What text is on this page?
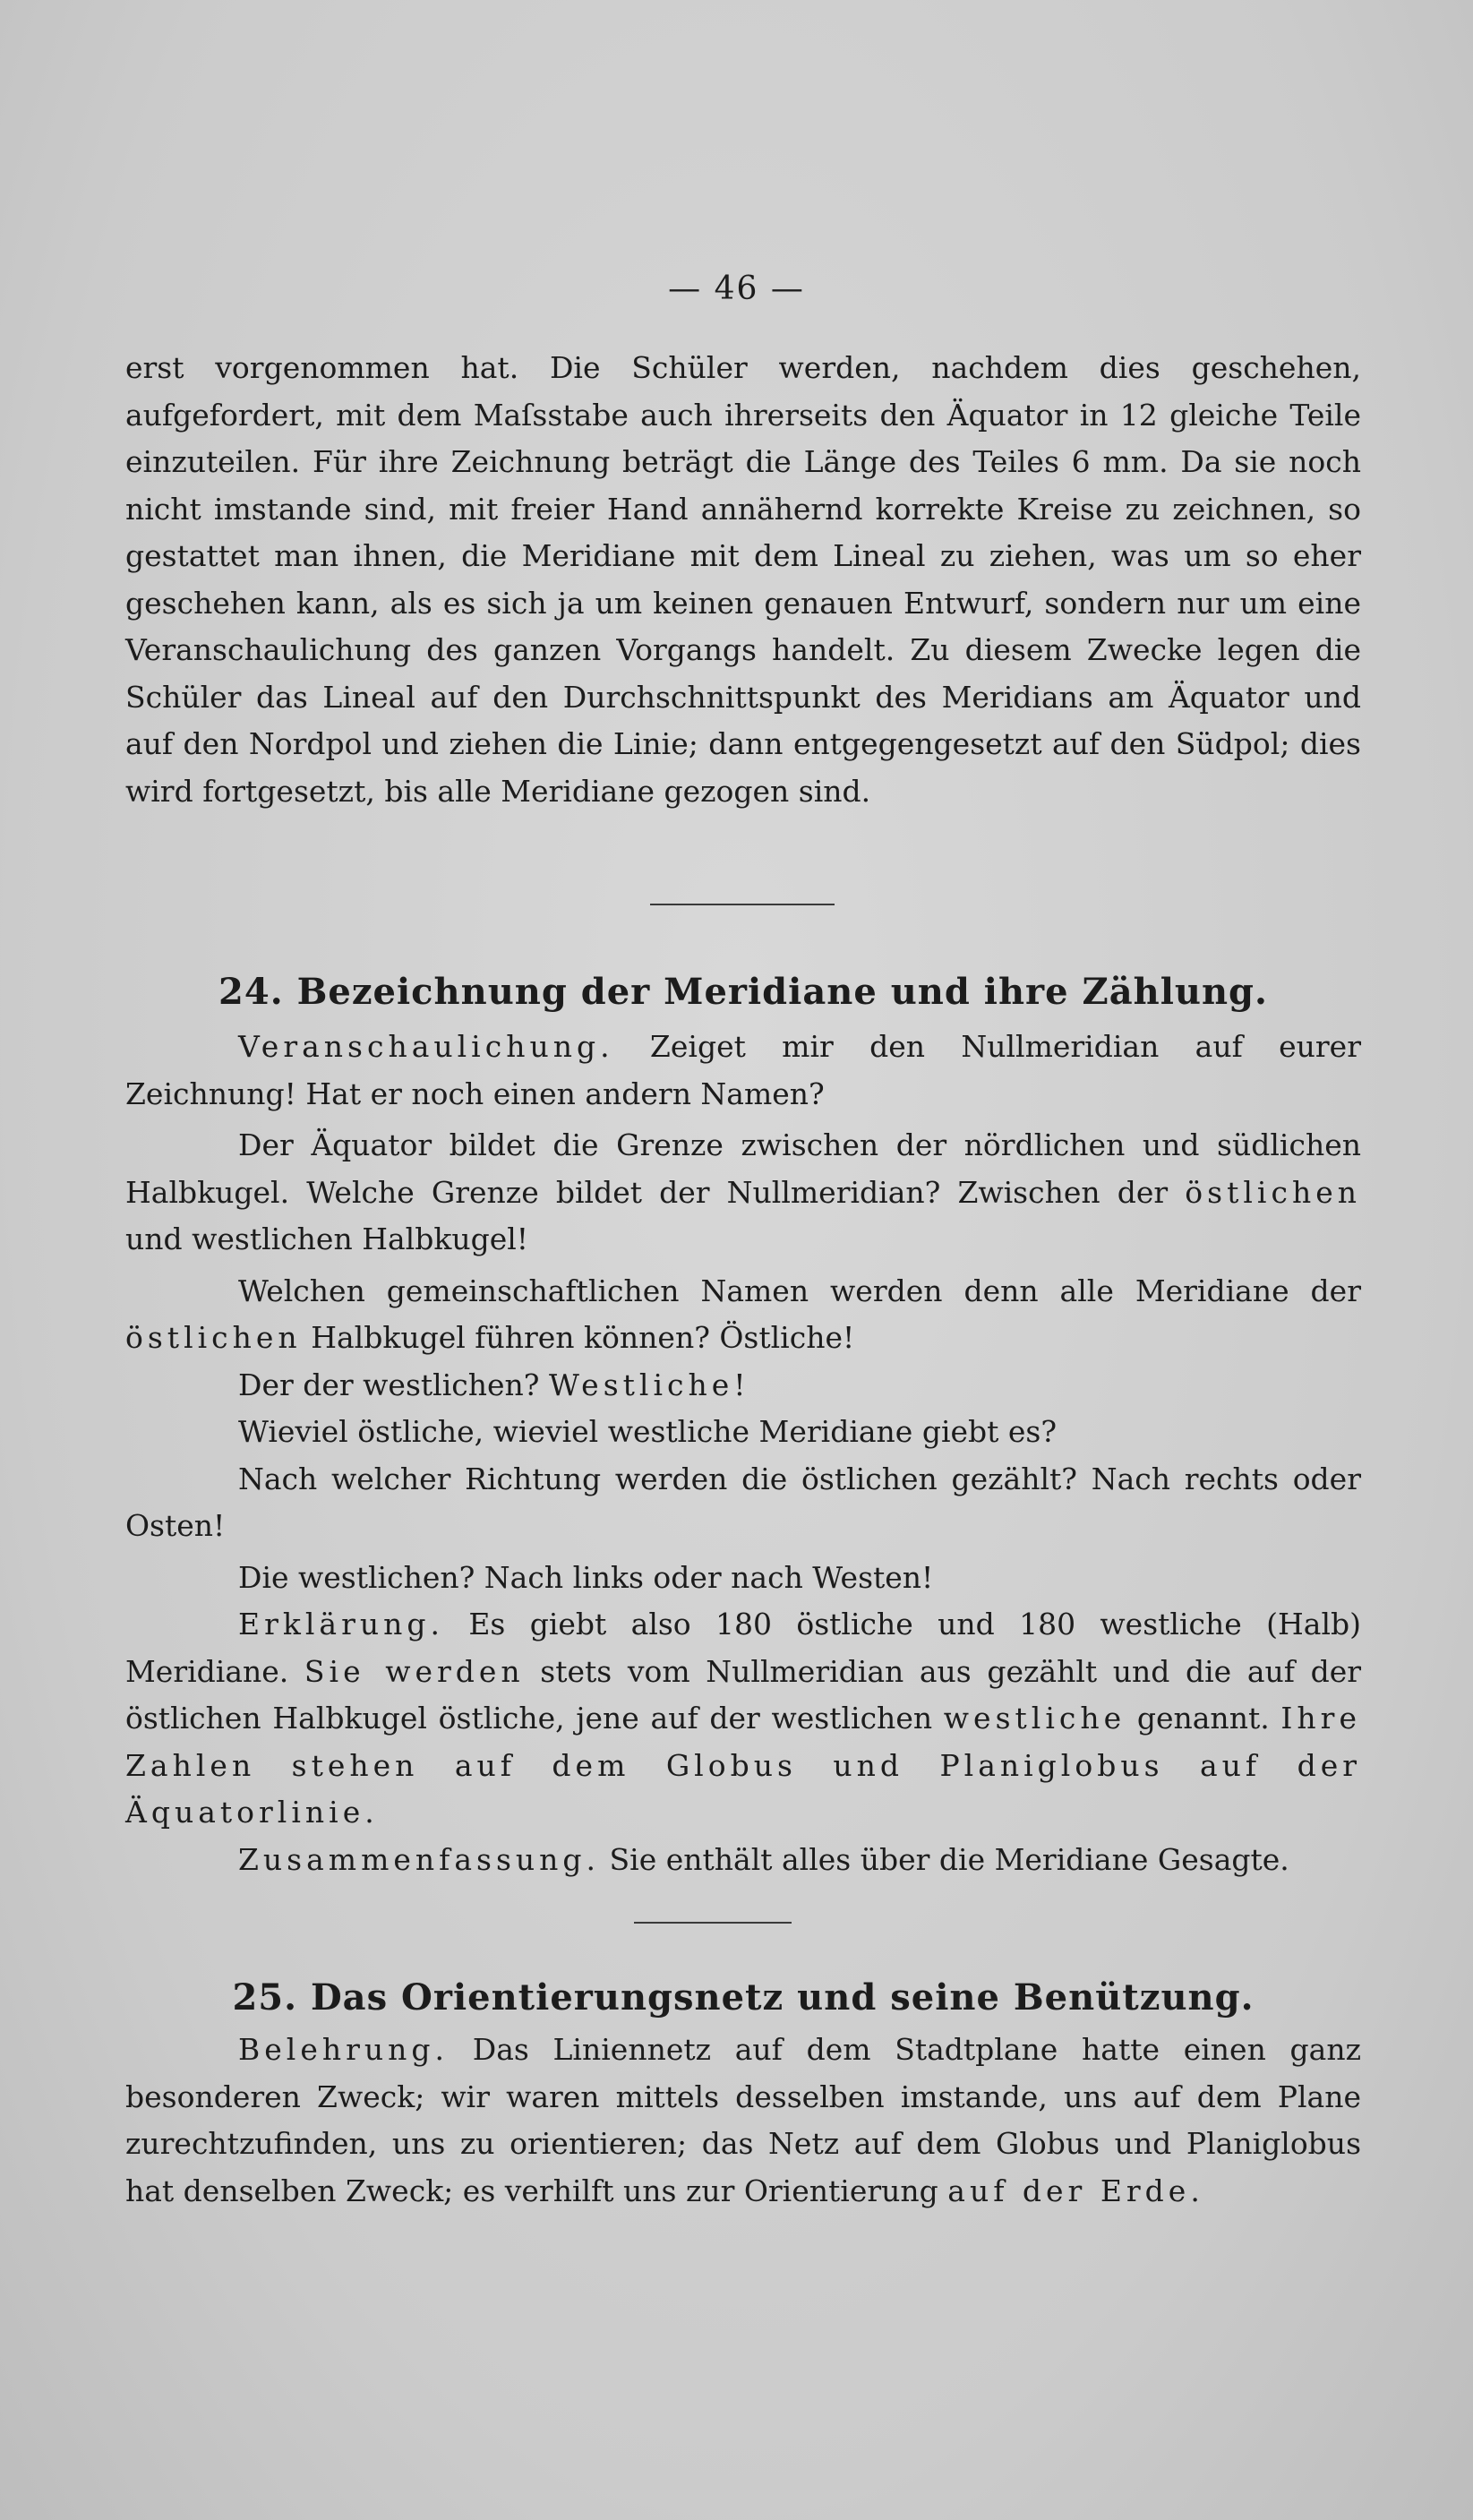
— 46 —

erst vorgenommen hat. Die Schüler werden, nachdem dies geschehen, aufgefordert, mit dem Maſsstabe auch ihrerseits den Äquator in 12 gleiche Teile einzuteilen. Für ihre Zeichnung beträgt die Länge des Teiles 6 mm. Da sie noch nicht imstande sind, mit freier Hand annähernd korrekte Kreise zu zeichnen, so gestattet man ihnen, die Meridiane mit dem Lineal zu ziehen, was um so eher geschehen kann, als es sich ja um keinen genauen Entwurf, sondern nur um eine Veranschaulichung des ganzen Vorgangs handelt. Zu diesem Zwecke legen die Schüler das Lineal auf den Durchschnittspunkt des Meridians am Äquator und auf den Nordpol und ziehen die Linie; dann entgegengesetzt auf den Südpol; dies wird fortgesetzt, bis alle Meridiane gezogen sind.

24. Bezeichnung der Meridiane und ihre Zählung.

Veranschaulichung. Zeiget mir den Nullmeridian auf eurer Zeichnung! Hat er noch einen andern Namen?

Der Äquator bildet die Grenze zwischen der nördlichen und südlichen Halbkugel. Welche Grenze bildet der Nullmeridian? Zwischen der östlichen und westlichen Halbkugel!

Welchen gemeinschaftlichen Namen werden denn alle Meridiane der östlichen Halbkugel führen können? Östliche!

Der der westlichen? Westliche!

Wieviel östliche, wieviel westliche Meridiane giebt es?

Nach welcher Richtung werden die östlichen gezählt? Nach rechts oder Osten!

Die westlichen? Nach links oder nach Westen!

Erklärung. Es giebt also 180 östliche und 180 westliche (Halb) Meridiane. Sie werden stets vom Nullmeridian aus gezählt und die auf der östlichen Halbkugel östliche, jene auf der westlichen westliche genannt. Ihre Zahlen stehen auf dem Globus und Planiglobus auf der Äquatorlinie.

Zusammenfassung. Sie enthält alles über die Meridiane Gesagte.

25. Das Orientierungsnetz und seine Benützung.

Belehrung. Das Liniennetz auf dem Stadtplane hatte einen ganz besonderen Zweck; wir waren mittels desselben imstande, uns auf dem Plane zurechtzufinden, uns zu orientieren; das Netz auf dem Globus und Planiglobus hat denselben Zweck; es verhilft uns zur Orientierung auf der Erde.
